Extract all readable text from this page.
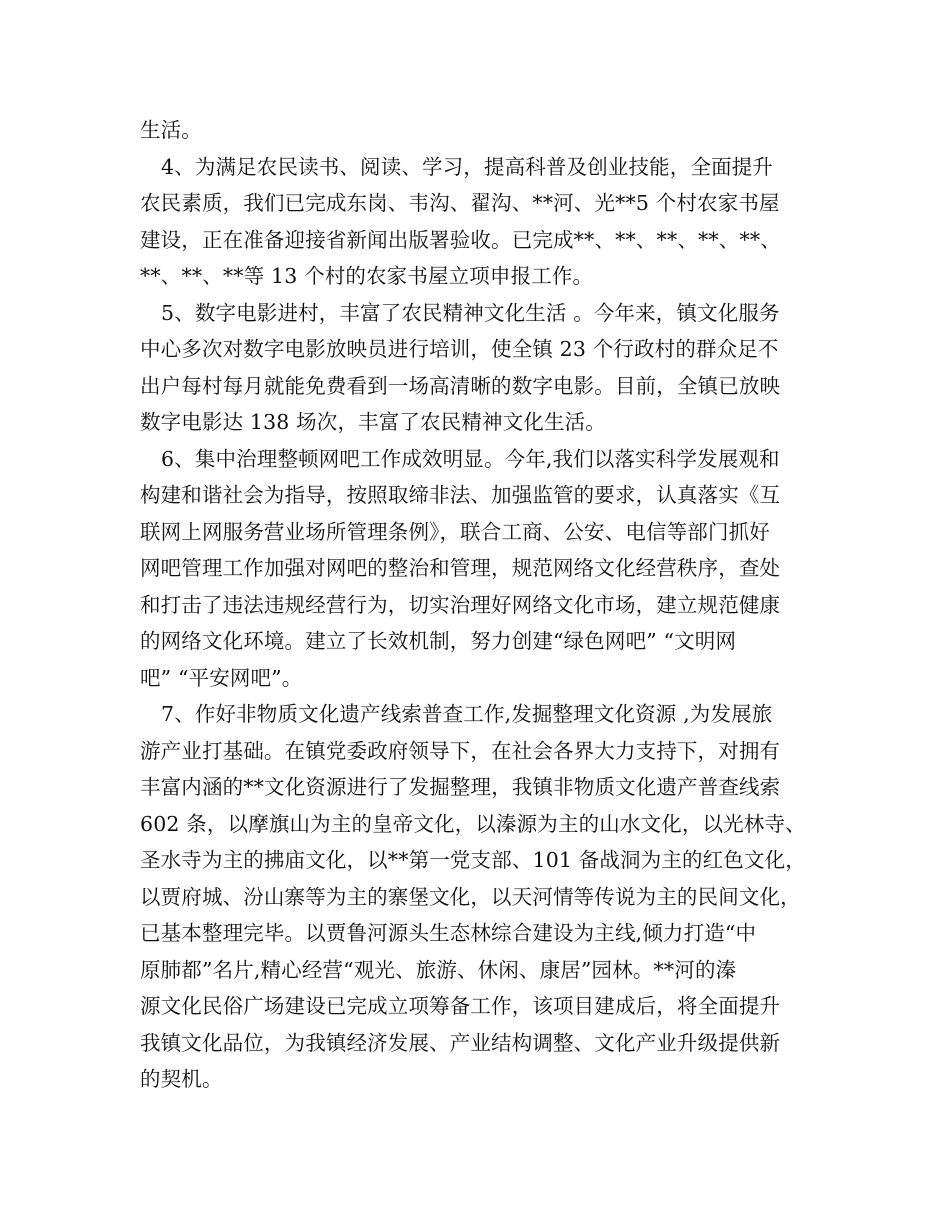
生活。
4、为满足农民读书、阅读、学习，提高科普及创业技能，全面提升
农民素质，我们已完成东岗、韦沟、翟沟、**河、光**5 个村农家书屋
建设，正在准备迎接省新闻出版署验收。已完成**、**、**、**、**、
**、**、**等 13 个村的农家书屋立项申报工作。
5、数字电影进村，丰富了农民精神文化生活 。今年来，镇文化服务
中心多次对数字电影放映员进行培训，使全镇 23 个行政村的群众足不
出户每村每月就能免费看到一场高清晰的数字电影。目前，全镇已放映
数字电影达 138 场次，丰富了农民精神文化生活。
6、集中治理整顿网吧工作成效明显。今年,我们以落实科学发展观和
构建和谐社会为指导，按照取缔非法、加强监管的要求，认真落实《互
联网上网服务营业场所管理条例》，联合工商、公安、电信等部门抓好
网吧管理工作加强对网吧的整治和管理，规范网络文化经营秩序，查处
和打击了违法违规经营行为，切实治理好网络文化市场，建立规范健康
的网络文化环境。建立了长效机制，努力创建“绿色网吧” “文明网
吧” “平安网吧”。
7、作好非物质文化遗产线索普查工作,发掘整理文化资源 ,为发展旅
游产业打基础。在镇党委政府领导下，在社会各界大力支持下，对拥有
丰富内涵的**文化资源进行了发掘整理，我镇非物质文化遗产普查线索
602 条，以摩旗山为主的皇帝文化，以溱源为主的山水文化，以光林寺、
圣水寺为主的拂庙文化，以**第一党支部、101 备战洞为主的红色文化，
以贾府城、汾山寨等为主的寨堡文化，以天河情等传说为主的民间文化，
已基本整理完毕。以贾鲁河源头生态林综合建设为主线,倾力打造“中
原肺都”名片,精心经营“观光、旅游、休闲、康居”园林。**河的溱
源文化民俗广场建设已完成立项筹备工作，该项目建成后，将全面提升
我镇文化品位，为我镇经济发展、产业结构调整、文化产业升级提供新
的契机。
